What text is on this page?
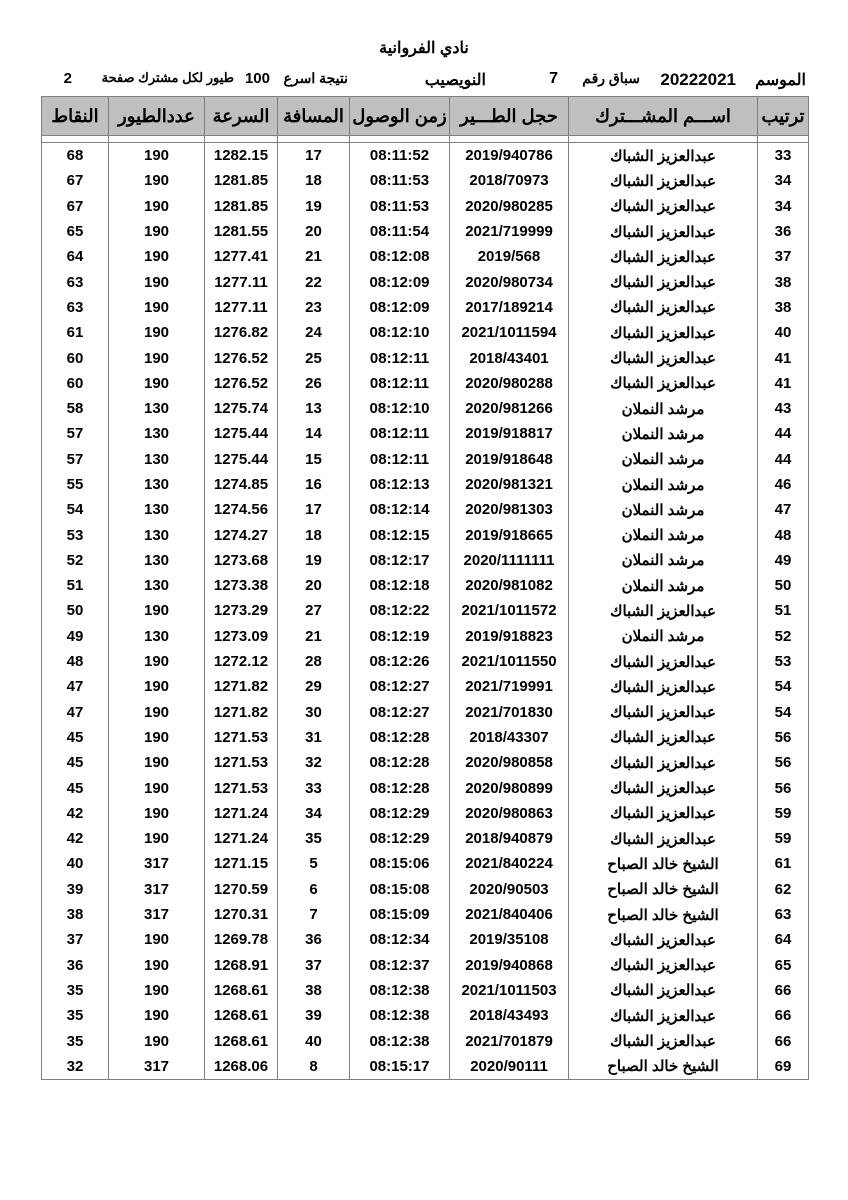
نادي الفروانية
الموسم
20222021
سباق رقم
7
النويصيب
نتيجة اسرع
100
طيور لكل مشترك صفحة
2
ترتيب	اســـم المشـــترك	حجل الطـــير	زمن الوصول	المسافة	السرعة	عددالطيور	النقاط

33	عبدالعزيز الشباك	2019/940786	08:11:52	17	1282.15	190	68
34	عبدالعزيز الشباك	2018/70973	08:11:53	18	1281.85	190	67
34	عبدالعزيز الشباك	2020/980285	08:11:53	19	1281.85	190	67
36	عبدالعزيز الشباك	2021/719999	08:11:54	20	1281.55	190	65
37	عبدالعزيز الشباك	2019/568	08:12:08	21	1277.41	190	64
38	عبدالعزيز الشباك	2020/980734	08:12:09	22	1277.11	190	63
38	عبدالعزيز الشباك	2017/189214	08:12:09	23	1277.11	190	63
40	عبدالعزيز الشباك	2021/1011594	08:12:10	24	1276.82	190	61
41	عبدالعزيز الشباك	2018/43401	08:12:11	25	1276.52	190	60
41	عبدالعزيز الشباك	2020/980288	08:12:11	26	1276.52	190	60
43	مرشد النملان	2020/981266	08:12:10	13	1275.74	130	58
44	مرشد النملان	2019/918817	08:12:11	14	1275.44	130	57
44	مرشد النملان	2019/918648	08:12:11	15	1275.44	130	57
46	مرشد النملان	2020/981321	08:12:13	16	1274.85	130	55
47	مرشد النملان	2020/981303	08:12:14	17	1274.56	130	54
48	مرشد النملان	2019/918665	08:12:15	18	1274.27	130	53
49	مرشد النملان	2020/1111111	08:12:17	19	1273.68	130	52
50	مرشد النملان	2020/981082	08:12:18	20	1273.38	130	51
51	عبدالعزيز الشباك	2021/1011572	08:12:22	27	1273.29	190	50
52	مرشد النملان	2019/918823	08:12:19	21	1273.09	130	49
53	عبدالعزيز الشباك	2021/1011550	08:12:26	28	1272.12	190	48
54	عبدالعزيز الشباك	2021/719991	08:12:27	29	1271.82	190	47
54	عبدالعزيز الشباك	2021/701830	08:12:27	30	1271.82	190	47
56	عبدالعزيز الشباك	2018/43307	08:12:28	31	1271.53	190	45
56	عبدالعزيز الشباك	2020/980858	08:12:28	32	1271.53	190	45
56	عبدالعزيز الشباك	2020/980899	08:12:28	33	1271.53	190	45
59	عبدالعزيز الشباك	2020/980863	08:12:29	34	1271.24	190	42
59	عبدالعزيز الشباك	2018/940879	08:12:29	35	1271.24	190	42
61	الشيخ خالد الصباح	2021/840224	08:15:06	5	1271.15	317	40
62	الشيخ خالد الصباح	2020/90503	08:15:08	6	1270.59	317	39
63	الشيخ خالد الصباح	2021/840406	08:15:09	7	1270.31	317	38
64	عبدالعزيز الشباك	2019/35108	08:12:34	36	1269.78	190	37
65	عبدالعزيز الشباك	2019/940868	08:12:37	37	1268.91	190	36
66	عبدالعزيز الشباك	2021/1011503	08:12:38	38	1268.61	190	35
66	عبدالعزيز الشباك	2018/43493	08:12:38	39	1268.61	190	35
66	عبدالعزيز الشباك	2021/701879	08:12:38	40	1268.61	190	35
69	الشيخ خالد الصباح	2020/90111	08:15:17	8	1268.06	317	32
